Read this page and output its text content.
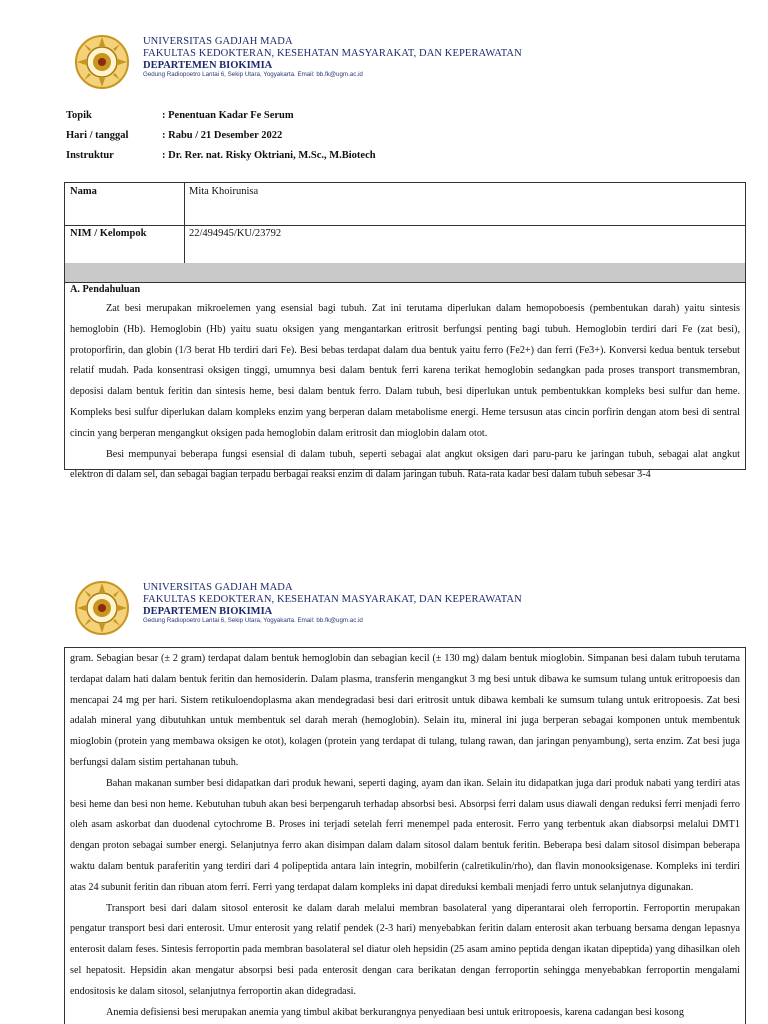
UNIVERSITAS GADJAH MADA
FAKULTAS KEDOKTERAN, KESEHATAN MASYARAKAT, DAN KEPERAWATAN
DEPARTEMEN BIOKIMIA
Gedung Radiopoetro Lantai 6, Sekip Utara, Yogyakarta. Email: bb.fk@ugm.ac.id
Topik	: Penentuan Kadar Fe Serum
Hari / tanggal	: Rabu / 21 Desember 2022
Instruktur	: Dr. Rer. nat. Risky Oktriani, M.Sc., M.Biotech
Nama	Mita Khoirunisa
NIM / Kelompok	22/494945/KU/23792

A. Pendahuluan

Zat besi merupakan mikroelemen yang esensial bagi tubuh. Zat ini terutama diperlukan dalam hemopoboesis (pembentukan darah) yaitu sintesis hemoglobin (Hb). Hemoglobin (Hb) yaitu suatu oksigen yang mengantarkan eritrosit berfungsi penting bagi tubuh. Hemoglobin terdiri dari Fe (zat besi), protoporfirin, dan globin (1/3 berat Hb terdiri dari Fe). Besi bebas terdapat dalam dua bentuk yaitu ferro (Fe2+) dan ferri (Fe3+). Konversi kedua bentuk tersebut relatif mudah. Pada konsentrasi oksigen tinggi, umumnya besi dalam bentuk ferri karena terikat hemoglobin sedangkan pada proses transport transmembran, deposisi dalam bentuk feritin dan sintesis heme, besi dalam bentuk ferro. Dalam tubuh, besi diperlukan untuk pembentukkan kompleks besi sulfur dan heme. Kompleks besi sulfur diperlukan dalam kompleks enzim yang berperan dalam metabolisme energi. Heme tersusun atas cincin porfirin dengan atom besi di sentral cincin yang berperan mengangkut oksigen pada hemoglobin dalam eritrosit dan mioglobin dalam otot.

Besi mempunyai beberapa fungsi esensial di dalam tubuh, seperti sebagai alat angkut oksigen dari paru-paru ke jaringan tubuh, sebagai alat angkut elektron di dalam sel, dan sebagai bagian terpadu berbagai reaksi enzim di dalam jaringan tubuh. Rata-rata kadar besi dalam tubuh sebesar 3-4

UNIVERSITAS GADJAH MADA
FAKULTAS KEDOKTERAN, KESEHATAN MASYARAKAT, DAN KEPERAWATAN
DEPARTEMEN BIOKIMIA
Gedung Radiopoetro Lantai 6, Sekip Utara, Yogyakarta. Email: bb.fk@ugm.ac.id

gram. Sebagian besar (± 2 gram) terdapat dalam bentuk hemoglobin dan sebagian kecil (± 130 mg) dalam bentuk mioglobin. Simpanan besi dalam tubuh terutama terdapat dalam hati dalam bentuk feritin dan hemosiderin. Dalam plasma, transferin mengangkut 3 mg besi untuk dibawa ke sumsum tulang untuk eritropoesis dan mencapai 24 mg per hari. Sistem retikuloendoplasma akan mendegradasi besi dari eritrosit untuk dibawa kembali ke sumsum tulang untuk eritropoesis. Zat besi adalah mineral yang dibutuhkan untuk membentuk sel darah merah (hemoglobin). Selain itu, mineral ini juga berperan sebagai komponen untuk membentuk mioglobin (protein yang membawa oksigen ke otot), kolagen (protein yang terdapat di tulang, tulang rawan, dan jaringan penyambung), serta enzim. Zat besi juga berfungsi dalam sistim pertahanan tubuh.

Bahan makanan sumber besi didapatkan dari produk hewani, seperti daging, ayam dan ikan. Selain itu didapatkan juga dari produk nabati yang terdiri atas besi heme dan besi non heme. Kebutuhan tubuh akan besi berpengaruh terhadap absorbsi besi. Absorpsi ferri dalam usus diawali dengan reduksi ferri menjadi ferro oleh asam askorbat dan duodenal cytochrome B. Proses ini terjadi setelah ferri menempel pada enterosit. Ferro yang terbentuk akan diabsorpsi melalui DMT1 dengan proton sebagai sumber energi. Selanjutnya ferro akan disimpan dalam dalam sitosol dalam bentuk feritin. Beberapa besi dalam sitosol disimpan beberapa waktu dalam bentuk paraferitin yang terdiri dari 4 polipeptida antara lain integrin, mobilferin (calretikulin/rho), dan flavin monooksigenase. Kompleks ini terdiri atas 24 subunit feritin dan ribuan atom ferri. Ferri yang terdapat dalam kompleks ini dapat direduksi kembali menjadi ferro untuk selanjutnya digunakan.

Transport besi dari dalam sitosol enterosit ke dalam darah melalui membran basolateral yang diperantarai oleh ferroportin. Ferroportin merupakan pengatur transport besi dari enterosit. Umur enterosit yang relatif pendek (2-3 hari) menyebabkan feritin dalam enterosit akan terbuang bersama dengan lepasnya enterosit dalam feses. Sintesis ferroportin pada membran basolateral sel diatur oleh hepsidin (25 asam amino peptida dengan ikatan dipeptida) yang dihasilkan oleh sel hepatosit. Hepsidin akan mengatur absorpsi besi pada enterosit dengan cara berikatan dengan ferroportin sehingga menyebabkan ferroportin mengalami endositosis ke dalam sitosol, selanjutnya ferroportin akan didegradasi.

Anemia defisiensi besi merupakan anemia yang timbul akibat berkurangnya penyediaan besi untuk eritropoesis, karena cadangan besi kosong
